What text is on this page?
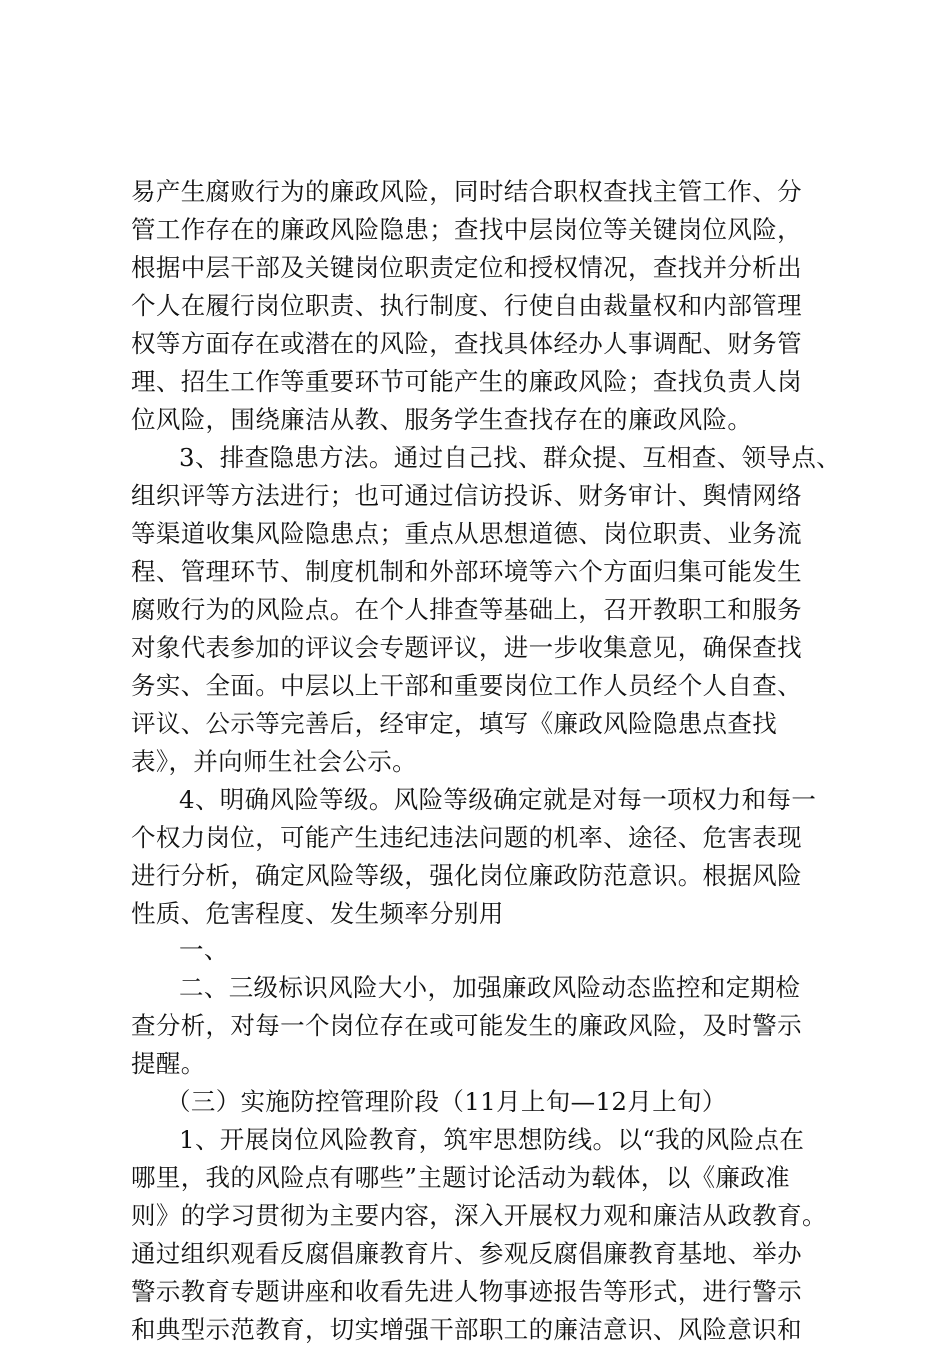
易产生腐败行为的廉政风险，同时结合职权查找主管工作、分
管工作存在的廉政风险隐患；查找中层岗位等关键岗位风险，
根据中层干部及关键岗位职责定位和授权情况，查找并分析出
个人在履行岗位职责、执行制度、行使自由裁量权和内部管理
权等方面存在或潜在的风险，查找具体经办人事调配、财务管
理、招生工作等重要环节可能产生的廉政风险；查找负责人岗
位风险，围绕廉洁从教、服务学生查找存在的廉政风险。
3、排查隐患方法。通过自己找、群众提、互相查、领导点、
组织评等方法进行；也可通过信访投诉、财务审计、舆情网络
等渠道收集风险隐患点；重点从思想道德、岗位职责、业务流
程、管理环节、制度机制和外部环境等六个方面归集可能发生
腐败行为的风险点。在个人排查等基础上，召开教职工和服务
对象代表参加的评议会专题评议，进一步收集意见，确保查找
务实、全面。中层以上干部和重要岗位工作人员经个人自查、
评议、公示等完善后，经审定，填写《廉政风险隐患点查找
表》，并向师生社会公示。
4、明确风险等级。风险等级确定就是对每一项权力和每一
个权力岗位，可能产生违纪违法问题的机率、途径、危害表现
进行分析，确定风险等级，强化岗位廉政防范意识。根据风险
性质、危害程度、发生频率分别用
一、
二、三级标识风险大小，加强廉政风险动态监控和定期检
查分析，对每一个岗位存在或可能发生的廉政风险，及时警示
提醒。
（三）实施防控管理阶段（11月上旬—12月上旬）
1、开展岗位风险教育，筑牢思想防线。以“我的风险点在
哪里，我的风险点有哪些”主题讨论活动为载体，以《廉政准
则》的学习贯彻为主要内容，深入开展权力观和廉洁从政教育。
通过组织观看反腐倡廉教育片、参观反腐倡廉教育基地、举办
警示教育专题讲座和收看先进人物事迹报告等形式，进行警示
和典型示范教育，切实增强干部职工的廉洁意识、风险意识和
